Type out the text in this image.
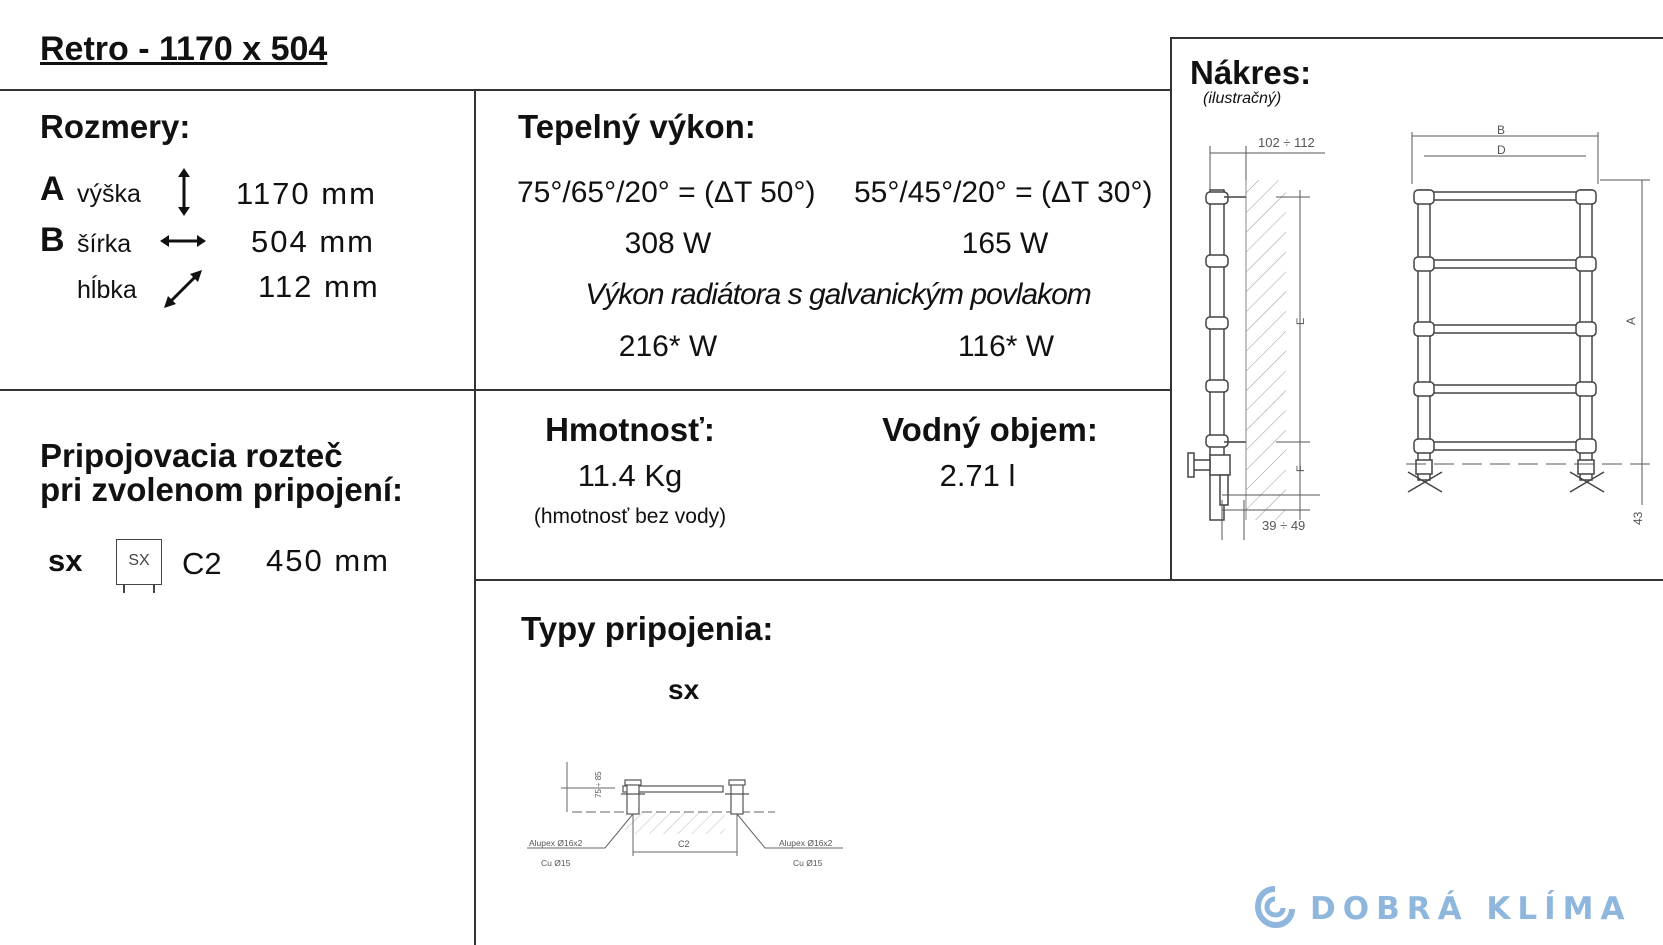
Retro - 1170 x 504
Rozmery:
A výška	1170 mm
B šírka	504 mm
hĺbka	112 mm
Tepelný výkon:
75°/65°/20° = (ΔT 50°) 55°/45°/20° = (ΔT 30°)
308 W	165 W
Výkon radiátora s galvanickým povlakom
216* W	116* W
Nákres:
(ilustračný)
102 ÷ 112
E
F
39 ÷ 49
B
D
A
43
Pripojovacia rozteč
pri zvolenom pripojení:
sx	SX	C2 450 mm
Hmotnosť:
11.4 Kg
(hmotnosť bez vody)
Vodný objem:
2.71 l
Typy pripojenia:
sx
75 ÷ 85
C2
Alupex Ø16x2
Cu Ø15
Alupex Ø16x2
Cu Ø15
DOBRÁ KLÍMA
